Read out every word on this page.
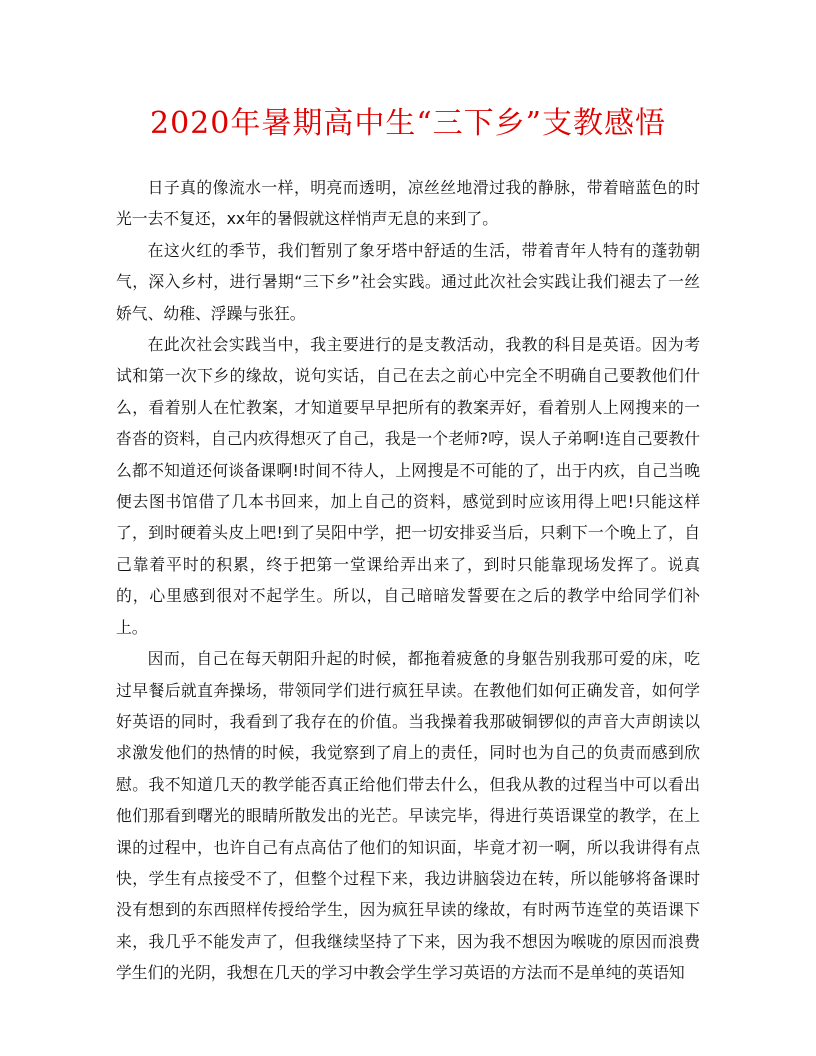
2020年暑期高中生“三下乡”支教感悟

日子真的像流水一样，明亮而透明，凉丝丝地滑过我的静脉，带着暗蓝色的时光一去不复还，xx年的暑假就这样悄声无息的来到了。

在这火红的季节，我们暂别了象牙塔中舒适的生活，带着青年人特有的蓬勃朝气，深入乡村，进行暑期“三下乡”社会实践。通过此次社会实践让我们褪去了一丝娇气、幼稚、浮躁与张狂。

在此次社会实践当中，我主要进行的是支教活动，我教的科目是英语。因为考试和第一次下乡的缘故，说句实话，自己在去之前心中完全不明确自己要教他们什么，看着别人在忙教案，才知道要早早把所有的教案弄好，看着别人上网搜来的一沓沓的资料，自己内疚得想灭了自己，我是一个老师?哼，误人子弟啊!连自己要教什么都不知道还何谈备课啊!时间不待人，上网搜是不可能的了，出于内疚，自己当晚便去图书馆借了几本书回来，加上自己的资料，感觉到时应该用得上吧!只能这样了，到时硬着头皮上吧!到了吴阳中学，把一切安排妥当后，只剩下一个晚上了，自己靠着平时的积累，终于把第一堂课给弄出来了，到时只能靠现场发挥了。说真的，心里感到很对不起学生。所以，自己暗暗发誓要在之后的教学中给同学们补上。

因而，自己在每天朝阳升起的时候，都拖着疲惫的身躯告别我那可爱的床，吃过早餐后就直奔操场，带领同学们进行疯狂早读。在教他们如何正确发音，如何学好英语的同时，我看到了我存在的价值。当我操着我那破铜锣似的声音大声朗读以求激发他们的热情的时候，我觉察到了肩上的责任，同时也为自己的负责而感到欣慰。我不知道几天的教学能否真正给他们带去什么，但我从教的过程当中可以看出他们那看到曙光的眼睛所散发出的光芒。早读完毕，得进行英语课堂的教学，在上课的过程中，也许自己有点高估了他们的知识面，毕竟才初一啊，所以我讲得有点快，学生有点接受不了，但整个过程下来，我边讲脑袋边在转，所以能够将备课时没有想到的东西照样传授给学生，因为疯狂早读的缘故，有时两节连堂的英语课下来，我几乎不能发声了，但我继续坚持了下来，因为我不想因为喉咙的原因而浪费学生们的光阴，我想在几天的学习中教会学生学习英语的方法而不是单纯的英语知
